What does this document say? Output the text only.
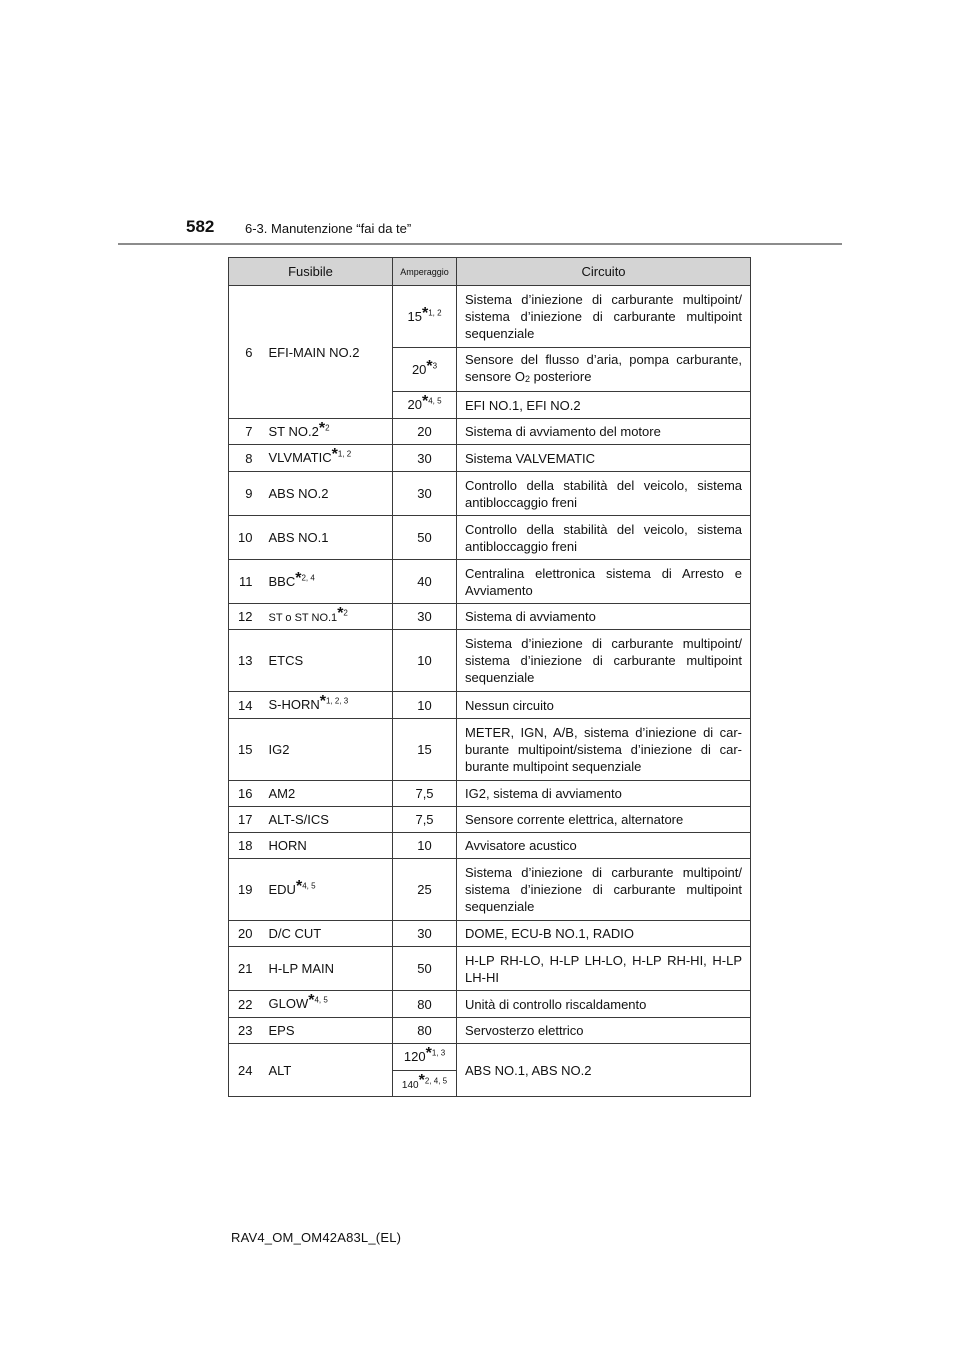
582 6-3. Manutenzione “fai da te”
Fusibile		Amperaggio	Circuito
6	EFI-MAIN NO.2	15*$^{1, 2}$	Sistema d’iniezione di carburante multipoint/ sistema d’iniezione di carburante multipoint sequenziale
		20*$^3$	Sensore del flusso d’aria, pompa carburante, sensore O2 posteriore
		20*$^{4, 5}$	EFI NO.1, EFI NO.2
7	ST NO.2*$^2$	20	Sistema di avviamento del motore
8	VLVMATIC*$^{1, 2}$	30	Sistema VALVEMATIC
9	ABS NO.2	30	Controllo della stabilità del veicolo, sistema antibloccaggio freni
10	ABS NO.1	50	Controllo della stabilità del veicolo, sistema antibloccaggio freni
11	BBC*$^{2, 4}$	40	Centralina elettronica sistema di Arresto e Avviamento
12	ST o ST NO.1*$^2$	30	Sistema di avviamento
13	ETCS	10	Sistema d’iniezione di carburante multipoint/ sistema d’iniezione di carburante multipoint sequenziale
14	S-HORN*$^{1, 2, 3}$	10	Nessun circuito
15	IG2	15	METER, IGN, A/B, sistema d’iniezione di car- burante multipoint/sistema d’iniezione di car- burante multipoint sequenziale
16	AM2	7,5	IG2, sistema di avviamento
17	ALT-S/ICS	7,5	Sensore corrente elettrica, alternatore
18	HORN	10	Avvisatore acustico
19	EDU*$^{4, 5}$	25	Sistema d’iniezione di carburante multipoint/ sistema d’iniezione di carburante multipoint sequenziale
20	D/C CUT	30	DOME, ECU-B NO.1, RADIO
21	H-LP MAIN	50	H-LP RH-LO, H-LP LH-LO, H-LP RH-HI, H-LP LH-HI
22	GLOW*$^{4, 5}$	80	Unità di controllo riscaldamento
23	EPS	80	Servosterzo elettrico
24	ALT	120*$^{1, 3}$	ABS NO.1, ABS NO.2
		140*$^{2, 4, 5}$
RAV4_OM_OM42A83L_(EL)
